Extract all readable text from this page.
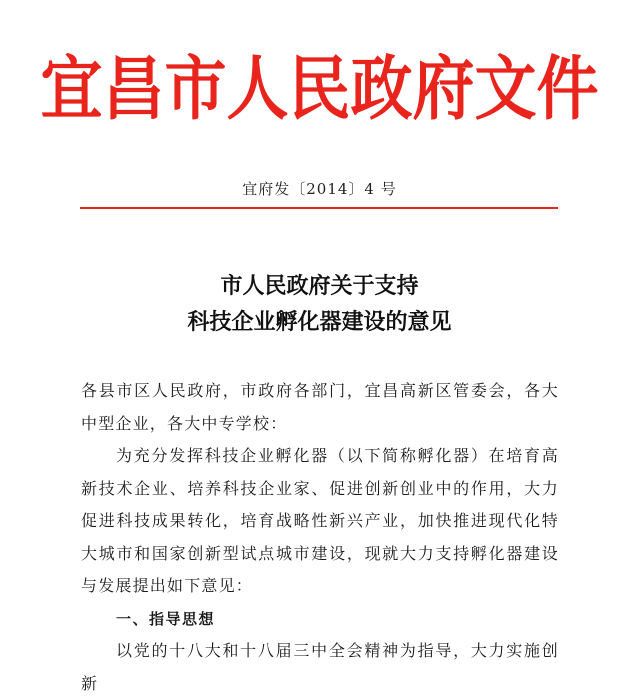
宜昌市人民政府文件
宜府发〔2014〕4 号
市人民政府关于支持
科技企业孵化器建设的意见

各县市区人民政府，市政府各部门，宜昌高新区管委会，各大中型企业，各大中专学校：

为充分发挥科技企业孵化器（以下简称孵化器）在培育高新技术企业、培养科技企业家、促进创新创业中的作用，大力促进科技成果转化，培育战略性新兴产业，加快推进现代化特大城市和国家创新型试点城市建设，现就大力支持孵化器建设与发展提出如下意见：

一、指导思想

以党的十八大和十八届三中全会精神为指导，大力实施创新
